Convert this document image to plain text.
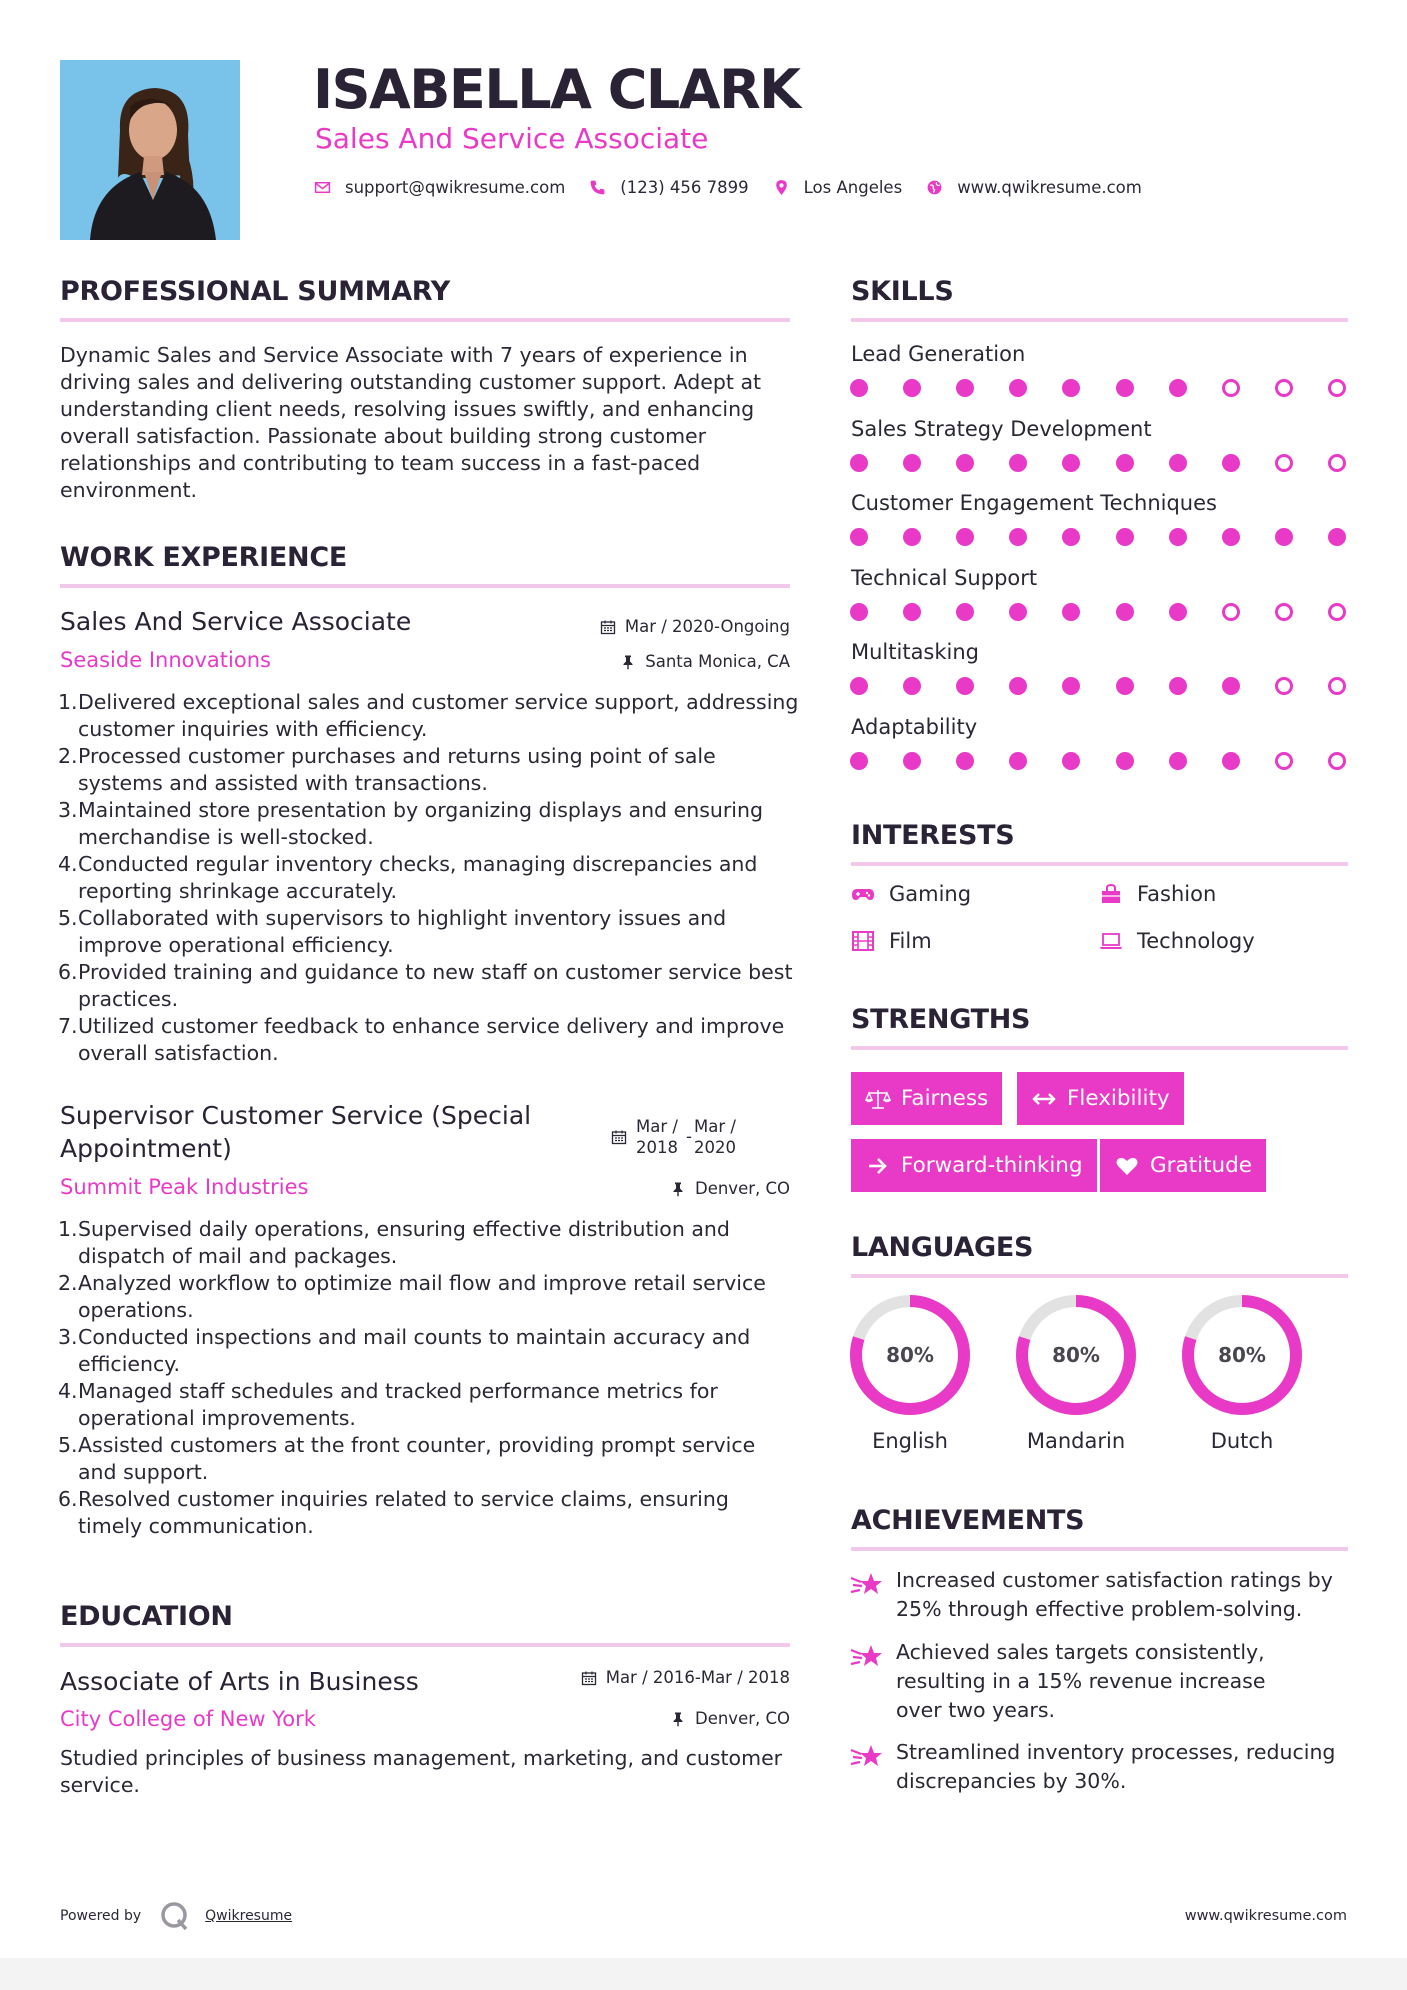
ISABELLA CLARK
Sales And Service Associate
support@qwikresume.com	(123) 456 7899	Los Angeles	www.qwikresume.com
PROFESSIONAL SUMMARY
Dynamic Sales and Service Associate with 7 years of experience in driving sales and delivering outstanding customer support. Adept at understanding client needs, resolving issues swiftly, and enhancing overall satisfaction. Passionate about building strong customer relationships and contributing to team success in a fast-paced environment.
WORK EXPERIENCE
Sales And Service Associate	Mar / 2020-Ongoing
Seaside Innovations	Santa Monica, CA
1. Delivered exceptional sales and customer service support, addressing customer inquiries with efficiency.
2. Processed customer purchases and returns using point of sale systems and assisted with transactions.
3. Maintained store presentation by organizing displays and ensuring merchandise is well-stocked.
4. Conducted regular inventory checks, managing discrepancies and reporting shrinkage accurately.
5. Collaborated with supervisors to highlight inventory issues and improve operational efficiency.
6. Provided training and guidance to new staff on customer service best practices.
7. Utilized customer feedback to enhance service delivery and improve overall satisfaction.
Supervisor Customer Service (Special Appointment)
Mar / 2018
-
Mar / 2020
Summit Peak Industries	Denver, CO
1. Supervised daily operations, ensuring effective distribution and dispatch of mail and packages.
2. Analyzed workflow to optimize mail flow and improve retail service operations.
3. Conducted inspections and mail counts to maintain accuracy and efficiency.
4. Managed staff schedules and tracked performance metrics for operational improvements.
5. Assisted customers at the front counter, providing prompt service and support.
6. Resolved customer inquiries related to service claims, ensuring timely communication.
EDUCATION
Associate of Arts in Business	Mar / 2016-Mar / 2018
City College of New York	Denver, CO
Studied principles of business management, marketing, and customer service.
SKILLS
Lead Generation
Sales Strategy Development
Customer Engagement Techniques
Technical Support
Multitasking
Adaptability
INTERESTS
Gaming	Fashion
Film	Technology
STRENGTHS
Fairness	Flexibility
Forward-thinking	Gratitude
LANGUAGES
80%
English
80%
Mandarin
80%
Dutch
ACHIEVEMENTS
Increased customer satisfaction ratings by 25% through effective problem-solving.
Achieved sales targets consistently, resulting in a 15% revenue increase over two years.
Streamlined inventory processes, reducing discrepancies by 30%.
Powered by	Qwikresume	www.qwikresume.com
